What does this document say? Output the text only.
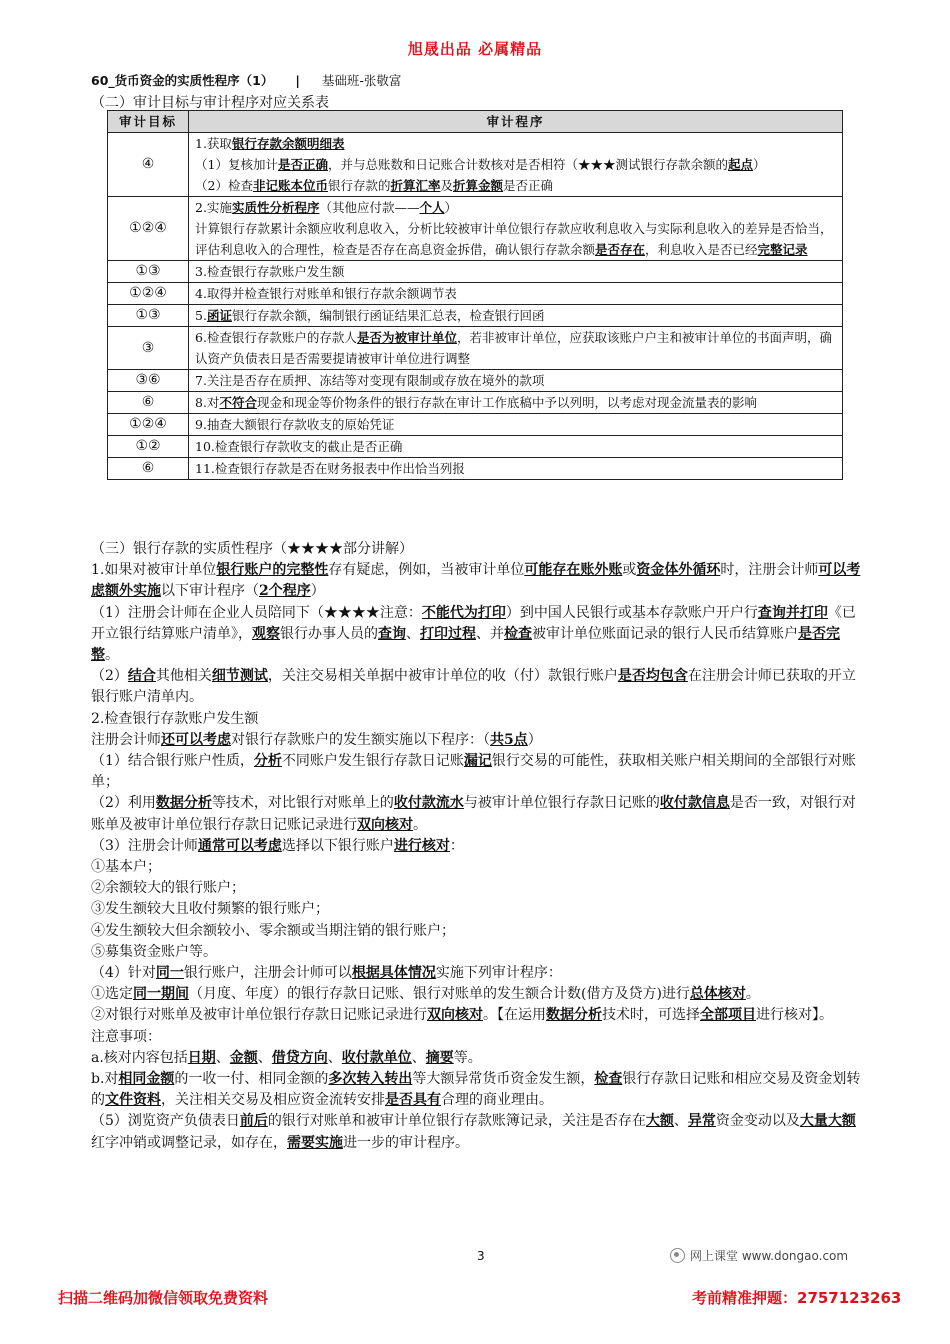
旭晟出品 必属精品
60_货币资金的实质性程序（1） | 基础班-张敬富
（二）审计目标与审计程序对应关系表
审计目标	审计程序
④	1.获取银行存款余额明细表
（1）复核加计是否正确，并与总账数和日记账合计数核对是否相符（★★★测试银行存款余额的起点）
（2）检查非记账本位币银行存款的折算汇率及折算金额是否正确

①②④	2.实施实质性分析程序（其他应付款——个人）
计算银行存款累计余额应收利息收入，分析比较被审计单位银行存款应收利息收入与实际利息收入的差异是否恰当，评估利息收入的合理性，检查是否存在高息资金拆借，确认银行存款余额是否存在，利息收入是否已经完整记录

①③	3.检查银行存款账户发生额

①②④	4.取得并检查银行对账单和银行存款余额调节表

①③	5.函证银行存款余额，编制银行函证结果汇总表，检查银行回函

③	6.检查银行存款账户的存款人是否为被审计单位，若非被审计单位，应获取该账户户主和被审计单位的书面声明，确认资产负债表日是否需要提请被审计单位进行调整

③⑥	7.关注是否存在质押、冻结等对变现有限制或存放在境外的款项

⑥	8.对不符合现金和现金等价物条件的银行存款在审计工作底稿中予以列明，以考虑对现金流量表的影响

①②④	9.抽查大额银行存款收支的原始凭证

①②	10.检查银行存款收支的截止是否正确

⑥	11.检查银行存款是否在财务报表中作出恰当列报

（三）银行存款的实质性程序（★★★★部分讲解）

1.如果对被审计单位银行账户的完整性存有疑虑，例如，当被审计单位可能存在账外账或资金体外循环时，注册会计师可以考虑额外实施以下审计程序（2个程序）

（1）注册会计师在企业人员陪同下（★★★★注意：不能代为打印）到中国人民银行或基本存款账户开户行查询并打印《已开立银行结算账户清单》，观察银行办事人员的查询、打印过程、并检查被审计单位账面记录的银行人民币结算账户是否完整。

（2）结合其他相关细节测试，关注交易相关单据中被审计单位的收（付）款银行账户是否均包含在注册会计师已获取的开立银行账户清单内。

2.检查银行存款账户发生额

注册会计师还可以考虑对银行存款账户的发生额实施以下程序：（共5点）

（1）结合银行账户性质，分析不同账户发生银行存款日记账漏记银行交易的可能性，获取相关账户相关期间的全部银行对账单；

（2）利用数据分析等技术，对比银行对账单上的收付款流水与被审计单位银行存款日记账的收付款信息是否一致，对银行对账单及被审计单位银行存款日记账记录进行双向核对。

（3）注册会计师通常可以考虑选择以下银行账户进行核对：

①基本户；

②余额较大的银行账户；

③发生额较大且收付频繁的银行账户；

④发生额较大但余额较小、零余额或当期注销的银行账户；

⑤募集资金账户等。

（4）针对同一银行账户，注册会计师可以根据具体情况实施下列审计程序：

①选定同一期间（月度、年度）的银行存款日记账、银行对账单的发生额合计数(借方及贷方)进行总体核对。

②对银行对账单及被审计单位银行存款日记账记录进行双向核对。【在运用数据分析技术时，可选择全部项目进行核对】。

注意事项：

a.核对内容包括日期、金额、借贷方向、收付款单位、摘要等。

b.对相同金额的一收一付、相同金额的多次转入转出等大额异常货币资金发生额，检查银行存款日记账和相应交易及资金划转的文件资料，关注相关交易及相应资金流转安排是否具有合理的商业理由。

（5）浏览资产负债表日前后的银行对账单和被审计单位银行存款账簿记录，关注是否存在大额、异常资金变动以及大量大额红字冲销或调整记录，如存在，需要实施进一步的审计程序。

3	网上课堂 www.dongao.com
扫描二维码加微信领取免费资料	考前精准押题：2757123263
